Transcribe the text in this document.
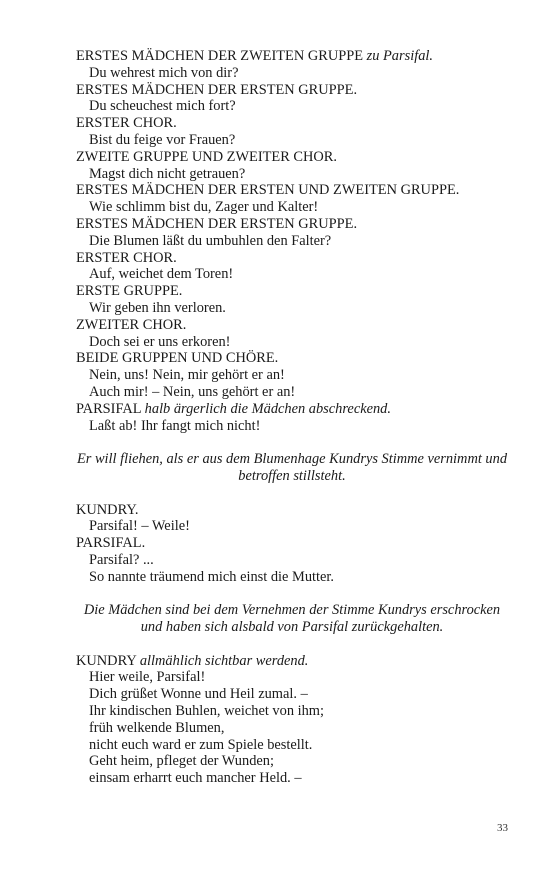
ERSTES MÄDCHEN DER ZWEITEN GRUPPE zu Parsifal.
Du wehrest mich von dir?
ERSTES MÄDCHEN DER ERSTEN GRUPPE.
Du scheuchest mich fort?
ERSTER CHOR.
Bist du feige vor Frauen?
ZWEITE GRUPPE UND ZWEITER CHOR.
Magst dich nicht getrauen?
ERSTES MÄDCHEN DER ERSTEN UND ZWEITEN GRUPPE.
Wie schlimm bist du, Zager und Kalter!
ERSTES MÄDCHEN DER ERSTEN GRUPPE.
Die Blumen läßt du umbuhlen den Falter?
ERSTER CHOR.
Auf, weichet dem Toren!
ERSTE GRUPPE.
Wir geben ihn verloren.
ZWEITER CHOR.
Doch sei er uns erkoren!
BEIDE GRUPPEN UND CHÖRE.
Nein, uns! Nein, mir gehört er an!
Auch mir! – Nein, uns gehört er an!
PARSIFAL halb ärgerlich die Mädchen abschreckend.
Laßt ab! Ihr fangt mich nicht!
Er will fliehen, als er aus dem Blumenhage Kundrys Stimme vernimmt und betroffen stillsteht.
KUNDRY.
Parsifal! – Weile!
PARSIFAL.
Parsifal? ...
So nannte träumend mich einst die Mutter.
Die Mädchen sind bei dem Vernehmen der Stimme Kundrys erschrocken und haben sich alsbald von Parsifal zurückgehalten.
KUNDRY allmählich sichtbar werdend.
Hier weile, Parsifal!
Dich grüßet Wonne und Heil zumal. –
Ihr kindischen Buhlen, weichet von ihm;
früh welkende Blumen,
nicht euch ward er zum Spiele bestellt.
Geht heim, pfleget der Wunden;
einsam erharrt euch mancher Held. –
33
